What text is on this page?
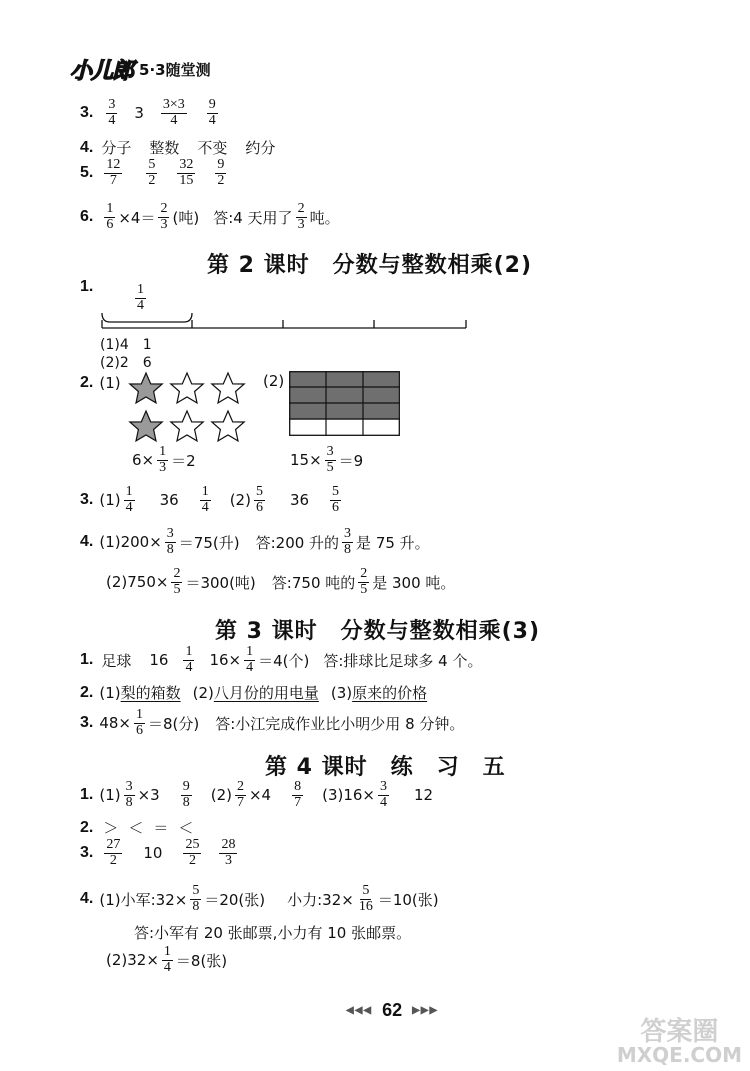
小儿郎 5·3随堂测
3. $\frac{3}{4} 3 \frac{3\times 3}{4} \frac{9}{4}$
4. 分子 整数 不变 约分
5. $\frac{12}{7} \frac{5}{2} \frac{32}{15} \frac{9}{2}$
6. $\frac{1}{6} \times 4= \frac{2}{3}$ (吨) 答:4 天用了 $\frac{2}{3}$ 吨。
第 2 课时　分数与整数相乘(2)
1.	$\frac{1}{4}$
(1)4　1
(2)2　6
2. (1)	(2)
$6\times \frac{1}{3} =2$	$15\times \frac{3}{5} =9$
3. $(1) \frac{1}{4} 36 \frac{1}{4} (2) \frac{5}{6} 36 \frac{5}{6}$
4. $(1)200\times \frac{3}{8} =75$(升) 答:200 升的 $\frac{3}{8}$ 是 75 升。
$(2)750\times \frac{2}{5} =300$(吨) 答:750 吨的 $\frac{2}{5}$ 是 300 吨。
第 3 课时　分数与整数相乘(3)
1. 足球 $16 \frac{1}{4} 16\times \frac{1}{4} =4$(个) 答:排球比足球多 4 个。
2. (1) 梨的箱数 (2) 八月份的用电量 (3) 原来的价格
3. $48\times \frac{1}{6} =8$(分) 答:小江完成作业比小明少用 8 分钟。
第 4 课时　练　习　五
1. $(1) \frac{3}{8} \times 3 \frac{9}{8} (2) \frac{2}{7} \times 4 \frac{8}{7} (3)16\times \frac{3}{4} 12$
2. ＞ ＜ ＝ ＜
3. $\frac{27}{2} 10 \frac{25}{2} \frac{28}{3}$
4. (1)小军:32× $\frac{5}{8} =20$(张) 小力:32× $\frac{5}{16} =10$(张)
答:小军有 20 张邮票,小力有 10 张邮票。
$(2)32\times \frac{1}{4} =8$(张)
◀◀◀ 62 ▶▶▶
答案圈
MXQE.COM
